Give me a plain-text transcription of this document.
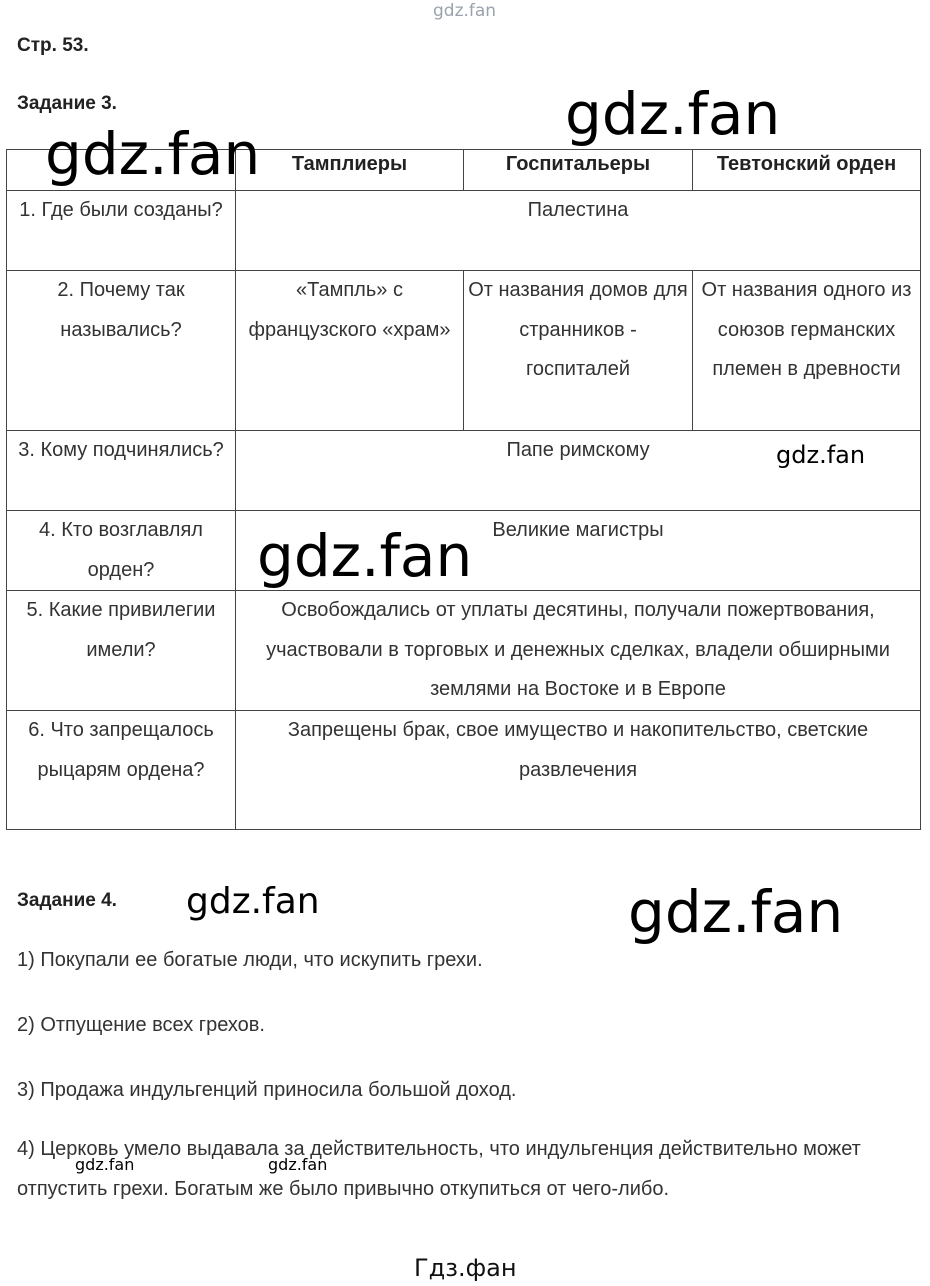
gdz.fan
gdz.fan
Стр. 53.
Задание 3.
	Тамплиеры	Госпитальеры	Тевтонский орден
1. Где были созданы?	Палестина		
2. Почему так назывались?	«Тампль» с французского «храм»	От названия домов для странников - госпиталей	От названия одного из союзов германских племен в древности
3. Кому подчинялись?	Папе римскому		
4. Кто возглавлял орден?	Великие магистры		
5. Какие привилегии имели?	Освобождались от уплаты десятины, получали пожертвования, участвовали в торговых и денежных сделках, владели обширными землями на Востоке и в Европе		
6. Что запрещалось рыцарям ордена?	Запрещены брак, свое имущество и накопительство, светские развлечения		
gdz.fan
gdz.fan
gdz.fan
Задание 4. gdz.fan	gdz.fan

1) Покупали ее богатые люди, что искупить грехи.

2) Отпущение всех грехов.

3) Продажа индульгенций приносила большой доход.

4) Церковь умело выдавала за действительность, что индульгенция действительно может отпустить грехи. Богатым же было привычно откупиться от чего-либо.

gdz.fan	gdz.fan
Гдз.фан
